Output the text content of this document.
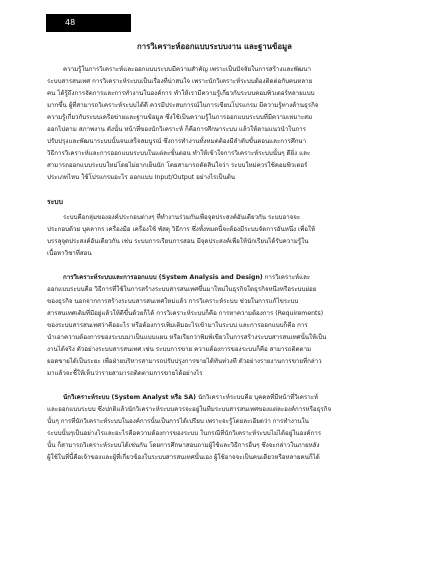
48
การวิเคราะห์ออกแบบระบบงาน และฐานข้อมูล
ความรู้ในการวิเคราะห์และออกแบบระบบมีความสำคัญ เพราะเป็นปัจจัยในการสร้างและพัฒนา
ระบบสารสนเทศ การวิเคราะห์ระบบเป็นเรื่องที่น่าสนใจ เพราะนักวิเคราะห์ระบบต้องติดต่อกับคนหลาย
คน ได้รู้ถึงการจัดการและการทำงานในองค์การ ทำให้เรามีความรู้เกี่ยวกับระบบคอมพิวเตอร์หลายแบบ
มากขึ้น ผู้ที่สามารถวิเคราะห์ระบบได้ดี ควรมีประสบการณ์ในการเขียนโปรแกรม มีความรู้ทางด้านธุรกิจ
ความรู้เกี่ยวกับระบบเครือข่ายและฐานข้อมูล ซึ่งใช้เป็นความรู้ในการออกแบบระบบที่มีความเหมาะสม
ออกไปตาม สภาพงาน ดังนั้น หน้าที่ของนักวิเคราะห์ ก็คือการศึกษาระบบ แล้วให้ตามแนวนำในการ
ปรับปรุงและพัฒนาระบบนั้นจนเสร็จสมบูรณ์ ซึ่งการทำงานทั้งหมดต้องมีลำดับขั้นตอนและการศึกษา
วิธีการวิเคราะห์และการออกแบบระบบในแต่ละขั้นตอน ทำให้เข้าใจการวิเคราะห์ระบบนั้นๆ ดียิ่ง และ
สามารถออกแบบระบบใหม่โดยไม่ยากเย็นนัก โดยสามารถตัดสินใจว่า ระบบใหม่ควรใช้คอมพิวเตอร์
ประเภทไหน ใช้โปรแกรมอะไร ออกแบบ Input/Output อย่างไรเป็นต้น
ระบบ
ระบบคือกลุ่มขององค์ประกอบต่างๆ ที่ทำงานร่วมกันเพื่อจุดประสงค์อันเดียวกัน ระบบอาจจะ
ประกอบด้วย บุคลากร เครื่องมือ เครื่องใช้ พัสดุ วิธีการ ซึ่งทั้งหมดนี้จะต้องมีระบบจัดการอันหนึ่ง เพื่อให้
บรรลุจุดประสงค์อันเดียวกัน เช่น ระบบการเรียนการสอน มีจุดประสงค์เพื่อให้นักเรียนได้รับความรู้ใน
เนื้อหาวิชาที่สอน
การวิเคราะห์ระบบและการออกแบบ (System Analysis and Design) การวิเคราะห์และ
ออกแบบระบบคือ วิธีการที่ใช้ในการสร้างระบบสารสนเทศขึ้นมาใหม่ในธุรกิจใดธุรกิจหนึ่งหรือระบบย่อย
ของธุรกิจ นอกจากการสร้างระบบสารสนเทศใหม่แล้ว การวิเคราะห์ระบบ ช่วยในการแก้ไขระบบ
สารสนเทศเดิมที่มีอยู่แล้วให้ดีขึ้นด้วยก็ได้ การวิเคราะห์ระบบก็คือ การหาความต้องการ (Requirements)
ของระบบสารสนเทศว่าคืออะไร หรือต้องการเพิ่มเติมอะไรเข้ามาในระบบ และการออกแบบก็คือ การ
นำเอาความต้องการของระบบมาเป็นแบบแผน หรือเรียกว่าพิมพ์เขียวในการสร้างระบบสารสนเทศนั้นให้เป็น
งานได้จริง ตัวอย่างระบบสารสนเทศ เช่น ระบบการขาย ความต้องการของระบบก็คือ สามารถติดตาม
ยอดขายได้เป็นระยะ เพื่อฝ่ายบริหารสามารถปรับปรุงการขายได้ทันท่วงที ตัวอย่างรายงานการขายที่กล่าว
มาแล้วจะชี้ให้เห็นว่ารายสามารถติดตามการขายได้อย่างไร
นักวิเคราะห์ระบบ (System Analyst หรือ SA) นักวิเคราะห์ระบบคือ บุคคลที่มีหน้าที่วิเคราะห์
และออกแบบระบบ ซึ่งปกติแล้วนักวิเคราะห์ระบบควรจะอยู่ในทีมระบบสารสนเทศของแต่ละองค์การหรือธุรกิจ
นั้นๆ การที่นักวิเคราะห์ระบบในองค์การนั้นเป็นการได้เปรียบ เพราะจะรู้โดยละเอียดว่า การทำงานใน
ระบบนั้นๆเป็นอย่างไรและอะไรคือความต้องการของระบบ ในกรณีที่นักวิเคราะห์ระบบไม่ได้อยู่ในองค์การ
นั้น ก็สามารถวิเคราะห์ระบบได้เช่นกัน โดยการศึกษาสอบถามผู้ใช้และวิธีการอื่นๆ ซึ่งจะกล่าวในภายหลัง
ผู้ใช้ในที่นี้คือเจ้าของและผู้ที่เกี่ยวข้องในระบบสารสนเทศนั้นเอง ผู้ใช้อาจจะเป็นคนเดียวหรือหลายคนก็ได้
